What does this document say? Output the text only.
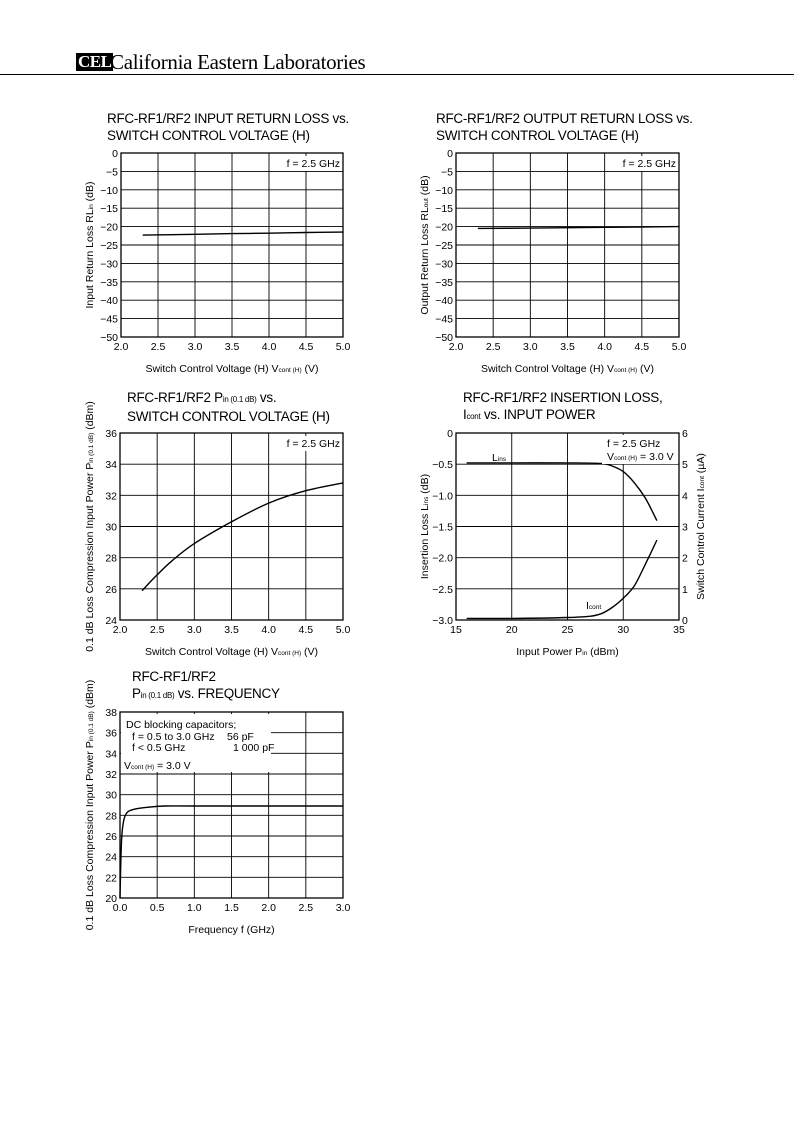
CEL
California Eastern Laboratories
RFC-RF1/RF2 INPUT RETURN LOSS vs.
SWITCH CONTROL VOLTAGE (H)
RFC-RF1/RF2 OUTPUT RETURN LOSS vs.
SWITCH CONTROL VOLTAGE (H)
RFC-RF1/RF2 Pin (0.1 dB) vs.
SWITCH CONTROL VOLTAGE (H)
RFC-RF1/RF2 INSERTION LOSS,
Icont vs. INPUT POWER
RFC-RF1/RF2
Pin (0.1 dB) vs. FREQUENCY
2.0 2.5 3.0 3.5 4.0 4.5 5.0
0
−5
−10
−15
−20
−25
−30
−35
−40
−45
−50
Switch Control Voltage (H) Vcont (H) (V)
Input Return Loss RLin (dB)
f = 2.5 GHz
2.0 2.5 3.0 3.5 4.0 4.5 5.0
0
−5
−10
−15
−20
−25
−30
−35
−40
−45
−50
Switch Control Voltage (H) Vcont (H) (V)
Output Return Loss RLout (dB)
f = 2.5 GHz
2.0 2.5 3.0 3.5 4.0 4.5 5.0
36
34
32
30
28
26
24
Switch Control Voltage (H) Vcont (H) (V)
0.1 dB Loss Compression Input Power Pin (0.1 dB) (dBm)
f = 2.5 GHz
15	20	25	30	35
0
−0.5
−1.0
−1.5
−2.0
−2.5
−3.0
6
5
4
3
2
1
0
Input Power Pin (dBm)
Insertion Loss Lins (dB)
Switch Control Current Icont (µA)
f = 2.5 GHz
Vcont (H) = 3.0 V
Lins
Icont
0.0 0.5 1.0 1.5 2.0 2.5 3.0
38
36
34
32
30
28
26
24
22
20
Frequency f (GHz)
0.1 dB Loss Compression Input Power Pin (0.1 dB) (dBm)
DC blocking capacitors;
f = 0.5 to 3.0 GHz 56 pF
f < 0.5 GHz	1 000 pF
Vcont (H) = 3.0 V
